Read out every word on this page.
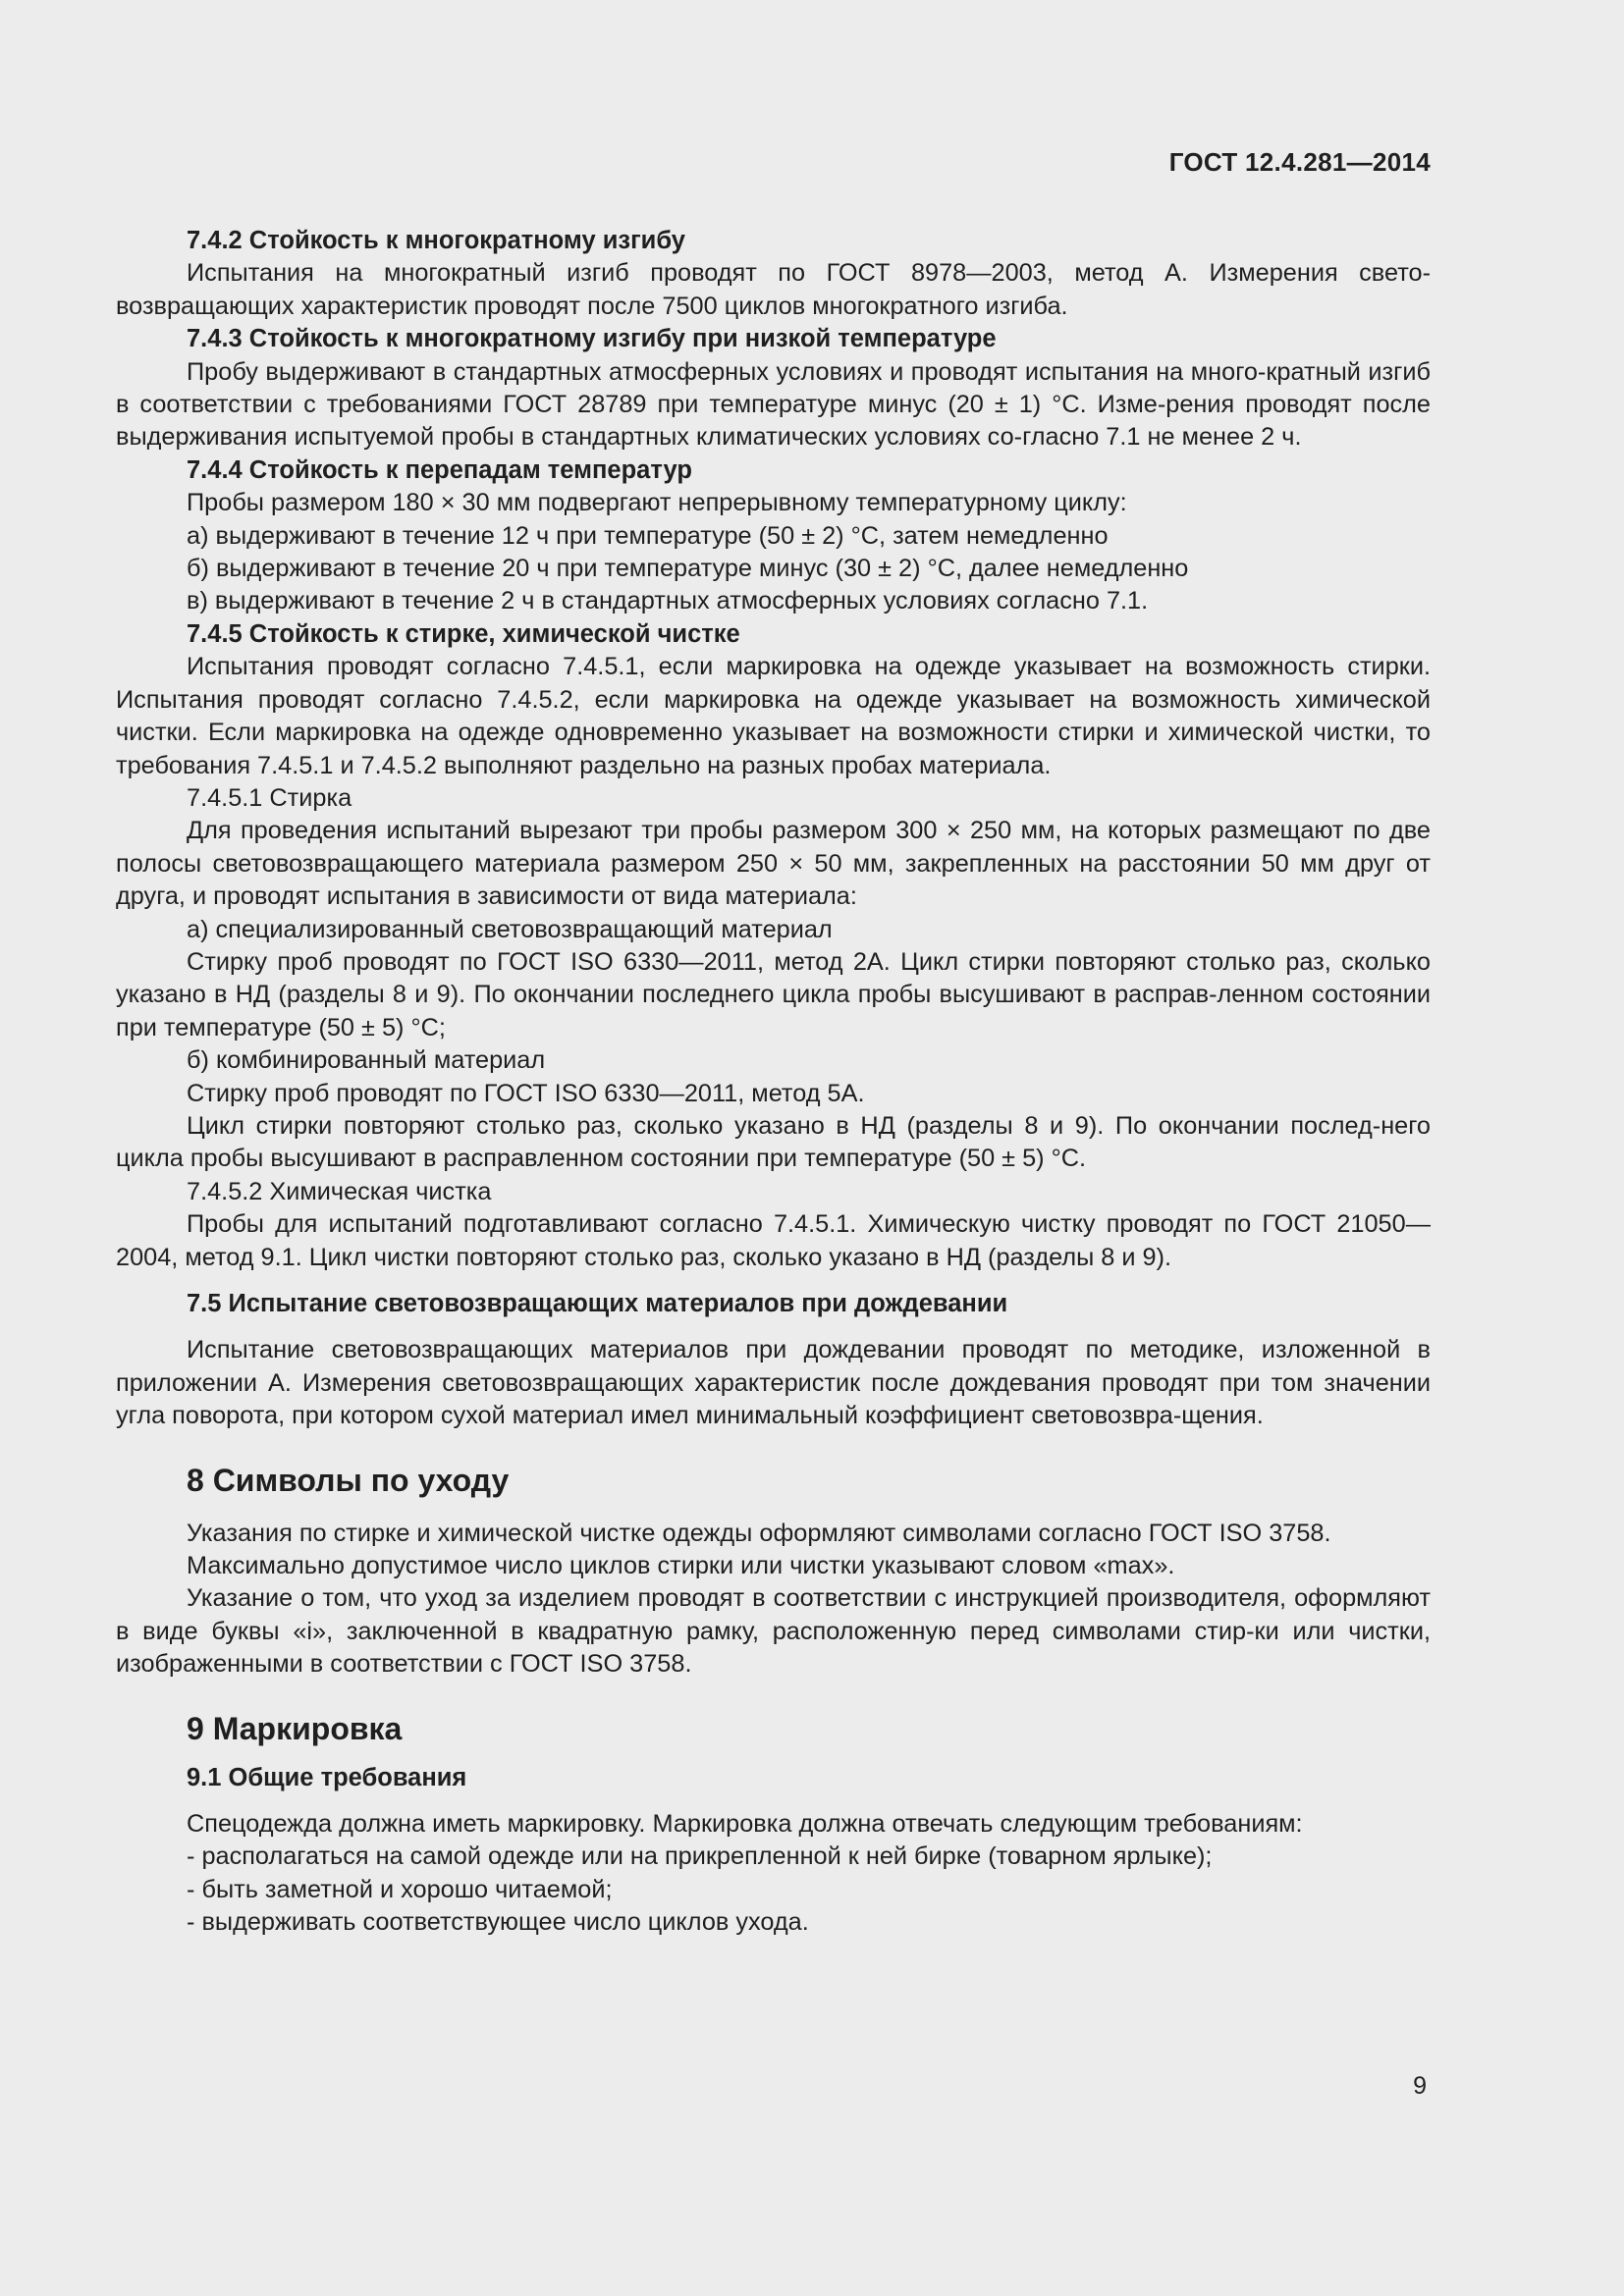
ГОСТ 12.4.281—2014

7.4.2 Стойкость к многократному изгибу

Испытания на многократный изгиб проводят по ГОСТ 8978—2003, метод А. Измерения свето-возвращающих характеристик проводят после 7500 циклов многократного изгиба.

7.4.3 Стойкость к многократному изгибу при низкой температуре

Пробу выдерживают в стандартных атмосферных условиях и проводят испытания на много-кратный изгиб в соответствии с требованиями ГОСТ 28789 при температуре минус (20 ± 1) °С. Изме-рения проводят после выдерживания испытуемой пробы в стандартных климатических условиях со-гласно 7.1 не менее 2 ч.

7.4.4 Стойкость к перепадам температур

Пробы размером 180 × 30 мм подвергают непрерывному температурному циклу:

а) выдерживают в течение 12 ч при температуре (50 ± 2) °С, затем немедленно

б) выдерживают в течение 20 ч при температуре минус (30 ± 2) °С, далее немедленно

в) выдерживают в течение 2 ч в стандартных атмосферных условиях согласно 7.1.

7.4.5 Стойкость к стирке, химической чистке

Испытания проводят согласно 7.4.5.1, если маркировка на одежде указывает на возможность стирки. Испытания проводят согласно 7.4.5.2, если маркировка на одежде указывает на возможность химической чистки. Если маркировка на одежде одновременно указывает на возможности стирки и химической чистки, то требования 7.4.5.1 и 7.4.5.2 выполняют раздельно на разных пробах материала.

7.4.5.1 Стирка

Для проведения испытаний вырезают три пробы размером 300 × 250 мм, на которых размещают по две полосы световозвращающего материала размером 250 × 50 мм, закрепленных на расстоянии 50 мм друг от друга, и проводят испытания в зависимости от вида материала:

а) специализированный световозвращающий материал

Стирку проб проводят по ГОСТ ISO 6330—2011, метод 2А. Цикл стирки повторяют столько раз, сколько указано в НД (разделы 8 и 9). По окончании последнего цикла пробы высушивают в расправ-ленном состоянии при температуре (50 ± 5) °С;

б) комбинированный материал

Стирку проб проводят по ГОСТ ISO 6330—2011, метод 5А.

Цикл стирки повторяют столько раз, сколько указано в НД (разделы 8 и 9). По окончании послед-него цикла пробы высушивают в расправленном состоянии при температуре (50 ± 5) °С.

7.4.5.2 Химическая чистка

Пробы для испытаний подготавливают согласно 7.4.5.1. Химическую чистку проводят по ГОСТ 21050—2004, метод 9.1. Цикл чистки повторяют столько раз, сколько указано в НД (разделы 8 и 9).

7.5 Испытание световозвращающих материалов при дождевании

Испытание световозвращающих материалов при дождевании проводят по методике, изложенной в приложении А. Измерения световозвращающих характеристик после дождевания проводят при том значении угла поворота, при котором сухой материал имел минимальный коэффициент световозвра-щения.

8 Символы по уходу

Указания по стирке и химической чистке одежды оформляют символами согласно ГОСТ ISO 3758.

Максимально допустимое число циклов стирки или чистки указывают словом «max».

Указание о том, что уход за изделием проводят в соответствии с инструкцией производителя, оформляют в виде буквы «i», заключенной в квадратную рамку, расположенную перед символами стир-ки или чистки, изображенными в соответствии с ГОСТ ISO 3758.

9 Маркировка

9.1 Общие требования

Спецодежда должна иметь маркировку. Маркировка должна отвечать следующим требованиям:

- располагаться на самой одежде или на прикрепленной к ней бирке (товарном ярлыке);

- быть заметной и хорошо читаемой;

- выдерживать соответствующее число циклов ухода.

9
